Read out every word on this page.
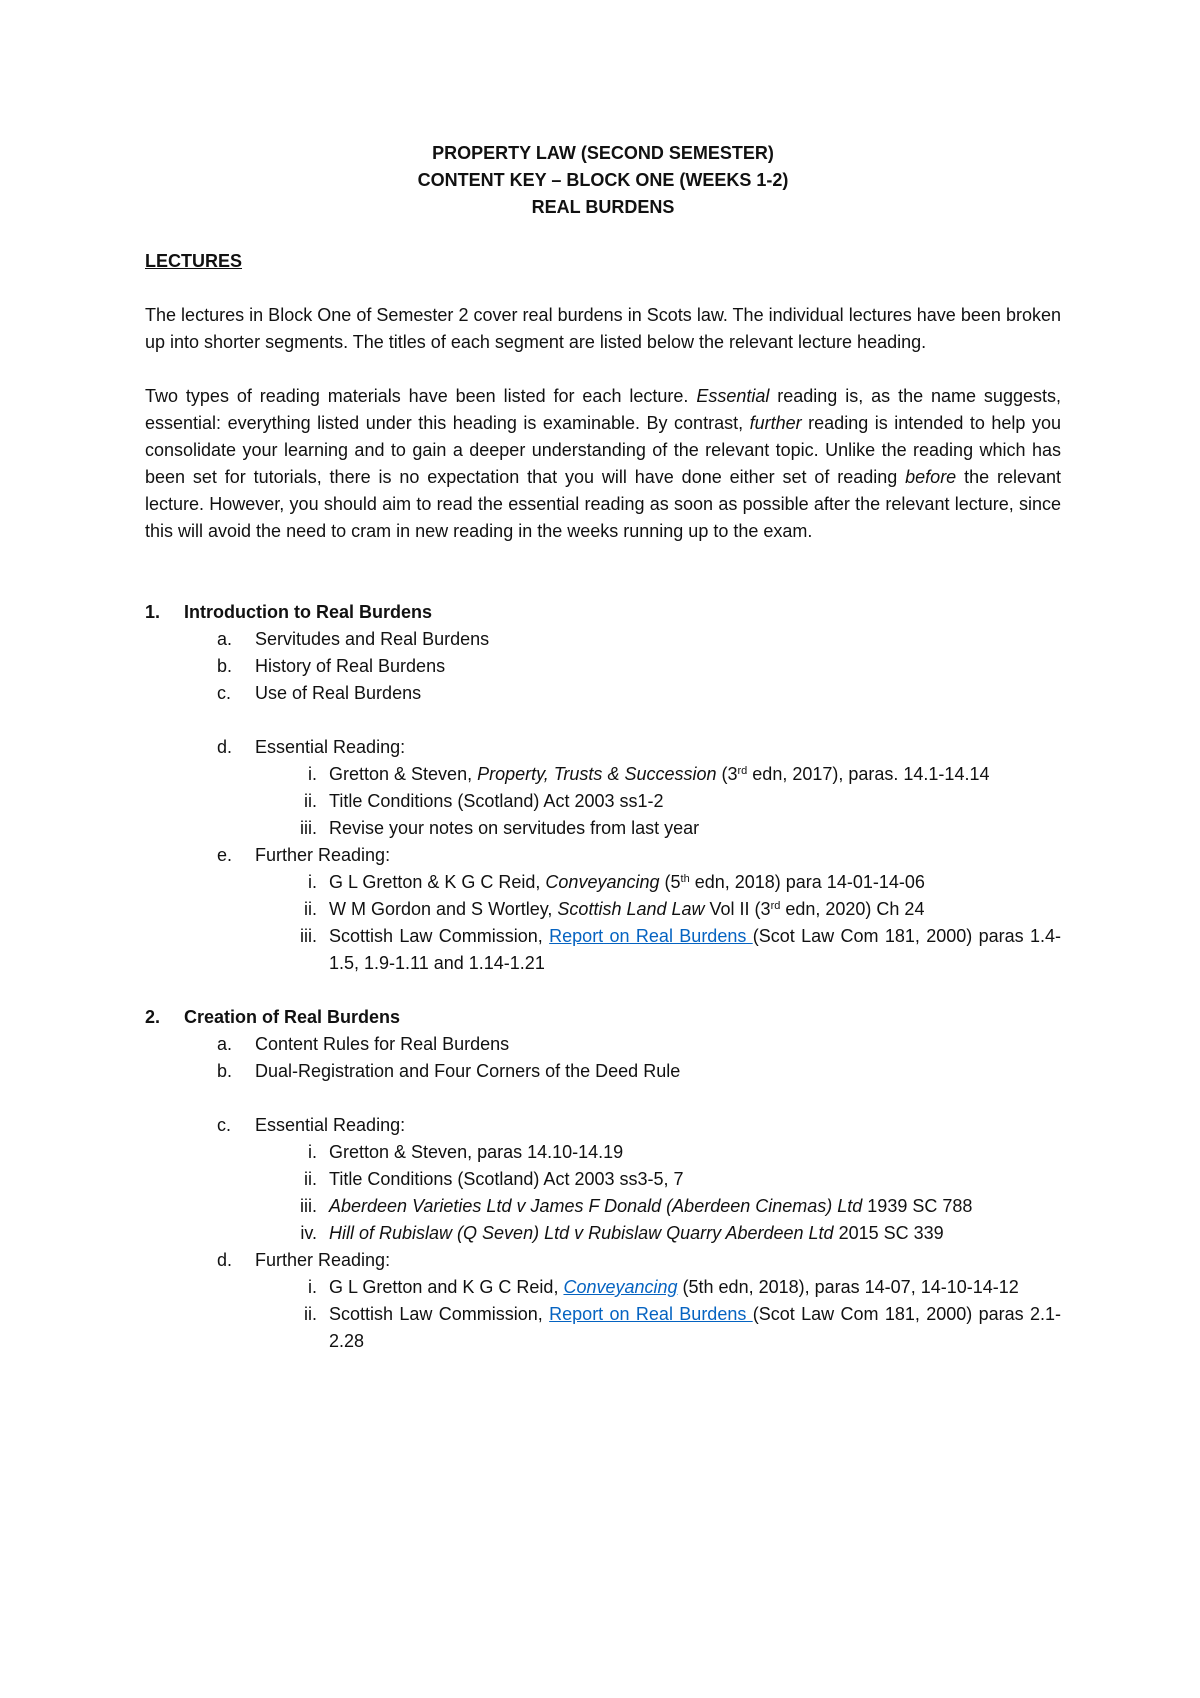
PROPERTY LAW (SECOND SEMESTER)
CONTENT KEY – BLOCK ONE (WEEKS 1-2)
REAL BURDENS
LECTURES

The lectures in Block One of Semester 2 cover real burdens in Scots law. The individual lectures have been broken up into shorter segments. The titles of each segment are listed below the relevant lecture heading.

Two types of reading materials have been listed for each lecture. Essential reading is, as the name suggests, essential: everything listed under this heading is examinable. By contrast, further reading is intended to help you consolidate your learning and to gain a deeper understanding of the relevant topic. Unlike the reading which has been set for tutorials, there is no expectation that you will have done either set of reading before the relevant lecture. However, you should aim to read the essential reading as soon as possible after the relevant lecture, since this will avoid the need to cram in new reading in the weeks running up to the exam.

1.	Introduction to Real Burdens
a.	Servitudes and Real Burdens
b.	History of Real Burdens
c.	Use of Real Burdens
d.	Essential Reading:
i. Gretton & Steven, Property, Trusts & Succession (3rd edn, 2017), paras. 14.1-14.14
ii. Title Conditions (Scotland) Act 2003 ss1-2
iii. Revise your notes on servitudes from last year
e.	Further Reading:
i. G L Gretton & K G C Reid, Conveyancing (5th edn, 2018) para 14-01-14-06
ii. W M Gordon and S Wortley, Scottish Land Law Vol II (3rd edn, 2020) Ch 24
iii. Scottish Law Commission, Report on Real Burdens (Scot Law Com 181, 2000) paras 1.4-1.5, 1.9-1.11 and 1.14-1.21
2.	Creation of Real Burdens
a.	Content Rules for Real Burdens
b.	Dual-Registration and Four Corners of the Deed Rule
c.	Essential Reading:
i. Gretton & Steven, paras 14.10-14.19
ii. Title Conditions (Scotland) Act 2003 ss3-5, 7
iii. Aberdeen Varieties Ltd v James F Donald (Aberdeen Cinemas) Ltd 1939 SC 788
iv. Hill of Rubislaw (Q Seven) Ltd v Rubislaw Quarry Aberdeen Ltd 2015 SC 339
d.	Further Reading:
i. G L Gretton and K G C Reid, Conveyancing (5th edn, 2018), paras 14-07, 14-10-14-12
ii. Scottish Law Commission, Report on Real Burdens (Scot Law Com 181, 2000) paras 2.1-2.28
